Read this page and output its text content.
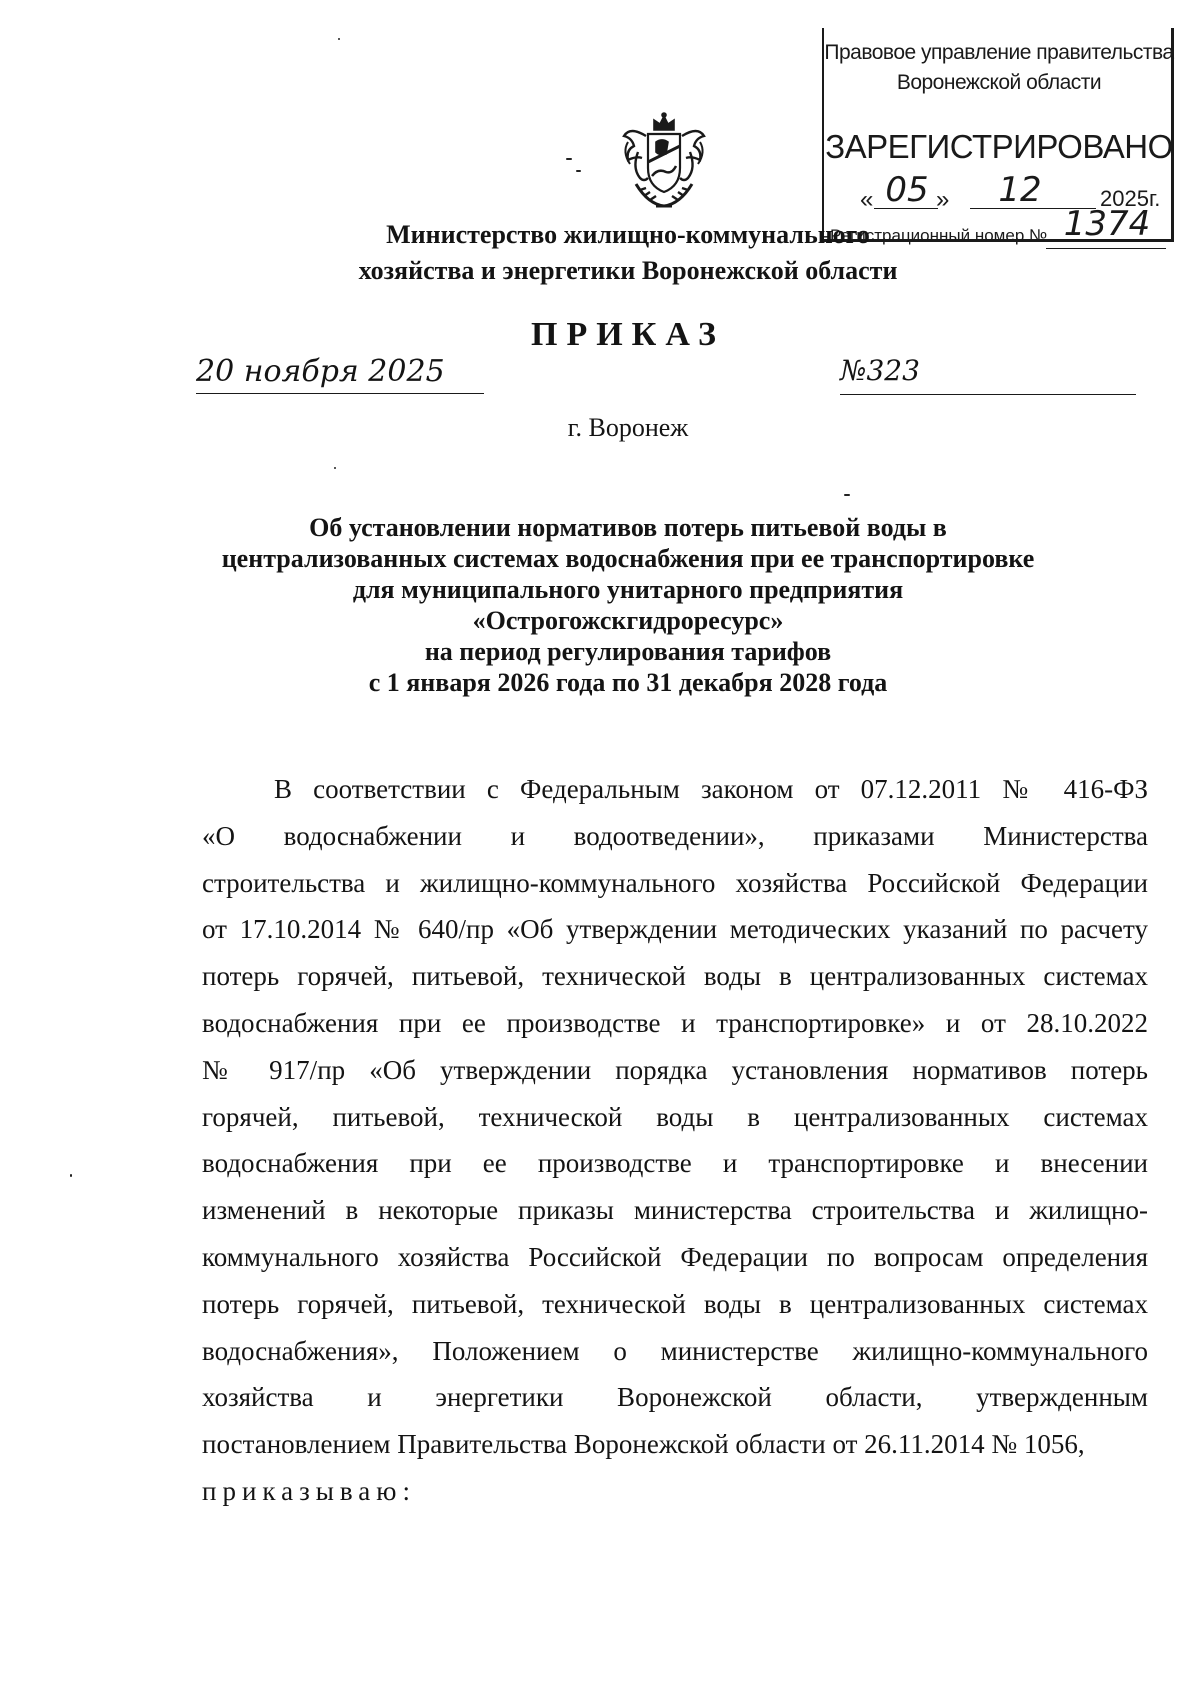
Правовое управление правительства
Воронежской области
ЗАРЕГИСТРИРОВАНО
« 05 » 12	2025г.
Регистрационный номер № 1374
Министерство жилищно-коммунального
хозяйства и энергетики Воронежской области
ПРИКАЗ
20 ноября 2025	№323
г. Воронеж
Об установлении нормативов потерь питьевой воды в
централизованных системах водоснабжения при ее транспортировке
для муниципального унитарного предприятия
«Острогожскгидроресурс»
на период регулирования тарифов
с 1 января 2026 года по 31 декабря 2028 года
В соответствии с Федеральным законом от 07.12.2011 № 416-ФЗ
«О водоснабжении и водоотведении», приказами Министерства
строительства и жилищно-коммунального хозяйства Российской Федерации
от 17.10.2014 № 640/пр «Об утверждении методических указаний по расчету
потерь горячей, питьевой, технической воды в централизованных системах
водоснабжения при ее производстве и транспортировке» и от 28.10.2022
№ 917/пр «Об утверждении порядка установления нормативов потерь
горячей, питьевой, технической воды в централизованных системах
водоснабжения при ее производстве и транспортировке и внесении
изменений в некоторые приказы министерства строительства и жилищно-
коммунального хозяйства Российской Федерации по вопросам определения
потерь горячей, питьевой, технической воды в централизованных системах
водоснабжения», Положением о министерстве жилищно-коммунального
хозяйства и энергетики Воронежской области, утвержденным
постановлением Правительства Воронежской области от 26.11.2014 № 1056,
приказываю:
